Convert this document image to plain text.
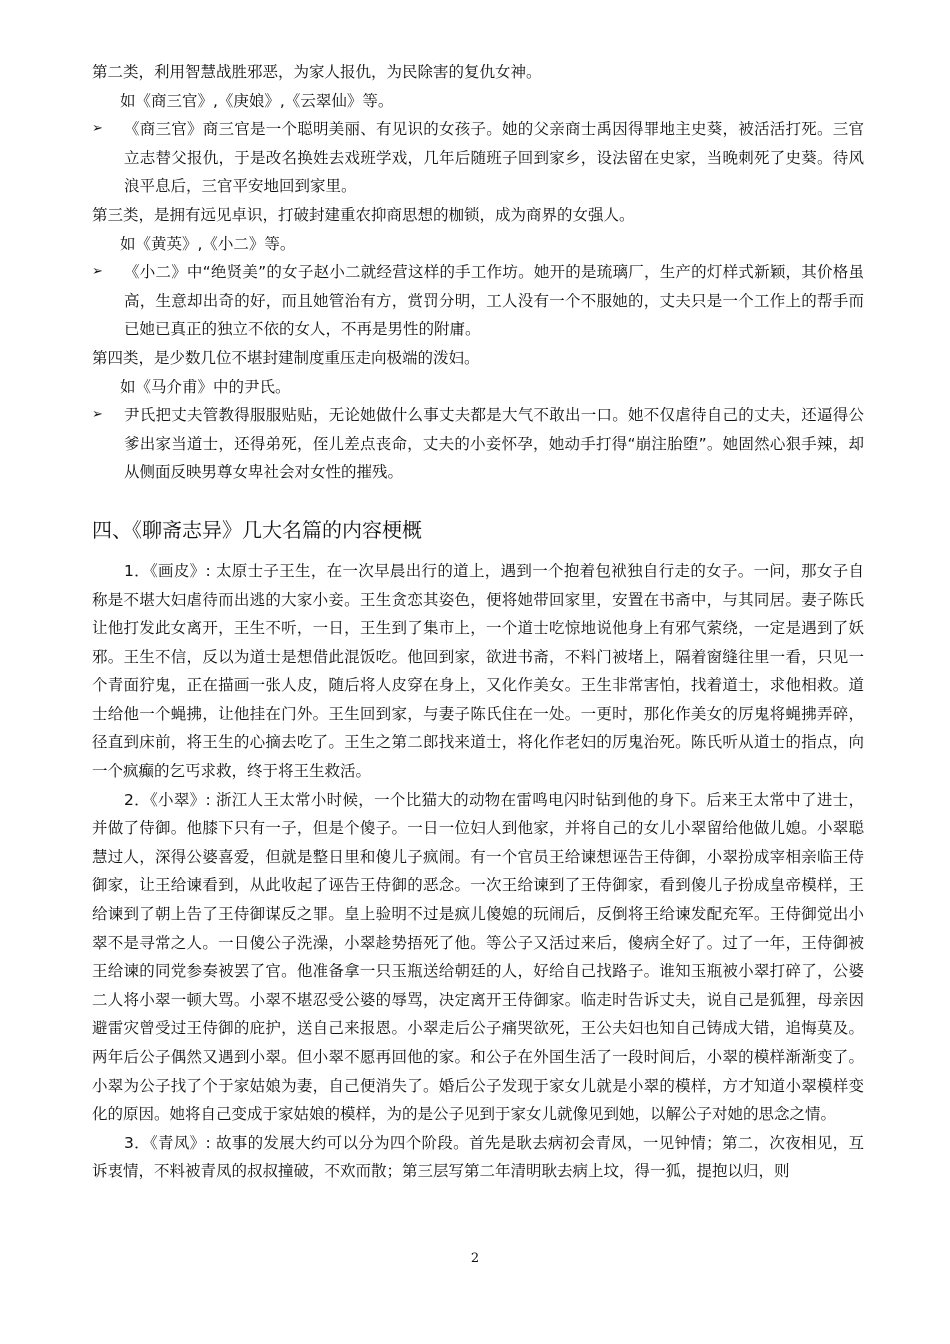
第二类，利用智慧战胜邪恶，为家人报仇，为民除害的复仇女神。

如《商三官》,《庚娘》,《云翠仙》等。

➢ 《商三官》商三官是一个聪明美丽、有见识的女孩子。她的父亲商士禹因得罪地主史葵，被活活打死。三官立志替父报仇，于是改名换姓去戏班学戏，几年后随班子回到家乡，设法留在史家，当晚刺死了史葵。待风浪平息后，三官平安地回到家里。

第三类，是拥有远见卓识，打破封建重农抑商思想的枷锁，成为商界的女强人。

如《黄英》,《小二》等。

➢ 《小二》中“绝贤美”的女子赵小二就经营这样的手工作坊。她开的是琉璃厂，生产的灯样式新颖，其价格虽高，生意却出奇的好，而且她管治有方，赏罚分明，工人没有一个不服她的，丈夫只是一个工作上的帮手而已她已真正的独立不依的女人，不再是男性的附庸。

第四类，是少数几位不堪封建制度重压走向极端的泼妇。

如《马介甫》中的尹氏。

➢ 尹氏把丈夫管教得服服贴贴，无论她做什么事丈夫都是大气不敢出一口。她不仅虐待自己的丈夫，还逼得公爹出家当道士，还得弟死，侄儿差点丧命，丈夫的小妾怀孕，她动手打得“崩注胎堕”。她固然心狠手辣，却从侧面反映男尊女卑社会对女性的摧残。
四、《聊斋志异》几大名篇的内容梗概

1．《画皮》: 太原士子王生，在一次早晨出行的道上，遇到一个抱着包袱独自行走的女子。一问，那女子自称是不堪大妇虐待而出逃的大家小妾。王生贪恋其姿色，便将她带回家里，安置在书斋中，与其同居。妻子陈氏让他打发此女离开，王生不听，一日，王生到了集市上，一个道士吃惊地说他身上有邪气萦绕，一定是遇到了妖邪。王生不信，反以为道士是想借此混饭吃。他回到家，欲进书斋，不料门被堵上，隔着窗缝往里一看，只见一个青面狞鬼，正在描画一张人皮，随后将人皮穿在身上，又化作美女。王生非常害怕，找着道士，求他相救。道士给他一个蝇拂，让他挂在门外。王生回到家，与妻子陈氏住在一处。一更时，那化作美女的厉鬼将蝇拂弄碎，径直到床前，将王生的心摘去吃了。王生之第二郎找来道士，将化作老妇的厉鬼治死。陈氏听从道士的指点，向一个疯癫的乞丐求救，终于将王生救活。

2．《小翠》: 浙江人王太常小时候，一个比猫大的动物在雷鸣电闪时钻到他的身下。后来王太常中了进士，并做了侍御。他膝下只有一子，但是个傻子。一日一位妇人到他家，并将自己的女儿小翠留给他做儿媳。小翠聪慧过人，深得公婆喜爱，但就是整日里和傻儿子疯闹。有一个官员王给谏想诬告王侍御，小翠扮成宰相亲临王侍御家，让王给谏看到，从此收起了诬告王侍御的恶念。一次王给谏到了王侍御家，看到傻儿子扮成皇帝模样，王给谏到了朝上告了王侍御谋反之罪。皇上验明不过是疯儿傻媳的玩闹后，反倒将王给谏发配充军。王侍御觉出小翠不是寻常之人。一日傻公子洗澡，小翠趁势捂死了他。等公子又活过来后，傻病全好了。过了一年，王侍御被王给谏的同党参奏被罢了官。他准备拿一只玉瓶送给朝廷的人，好给自己找路子。谁知玉瓶被小翠打碎了，公婆二人将小翠一顿大骂。小翠不堪忍受公婆的辱骂，决定离开王侍御家。临走时告诉丈夫，说自己是狐狸，母亲因避雷灾曾受过王侍御的庇护，送自己来报恩。小翠走后公子痛哭欲死，王公夫妇也知自己铸成大错，追悔莫及。两年后公子偶然又遇到小翠。但小翠不愿再回他的家。和公子在外国生活了一段时间后，小翠的模样渐渐变了。小翠为公子找了个于家姑娘为妻，自己便消失了。婚后公子发现于家女儿就是小翠的模样，方才知道小翠模样变化的原因。她将自己变成于家姑娘的模样，为的是公子见到于家女儿就像见到她，以解公子对她的思念之情。

3．《青凤》: 故事的发展大约可以分为四个阶段。首先是耿去病初会青凤，一见钟情；第二，次夜相见，互诉衷情，不料被青凤的叔叔撞破，不欢而散；第三层写第二年清明耿去病上坟，得一狐，提抱以归，则

2
